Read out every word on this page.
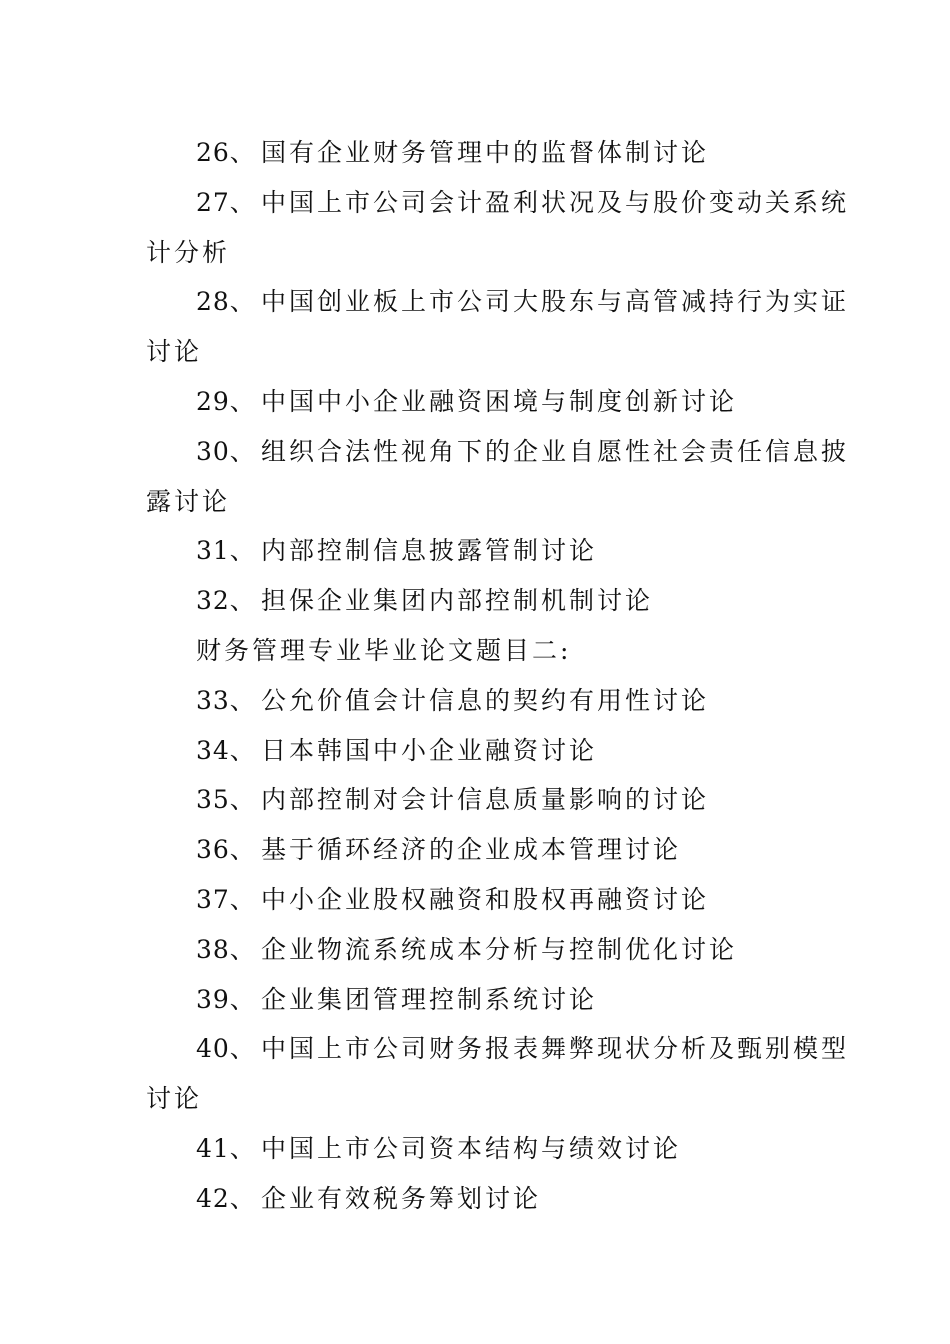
26、 国有企业财务管理中的监督体制讨论
27、 中国上市公司会计盈利状况及与股价变动关系统
计分析
28、 中国创业板上市公司大股东与高管减持行为实证
讨论
29、 中国中小企业融资困境与制度创新讨论
30、 组织合法性视角下的企业自愿性社会责任信息披
露讨论
31、 内部控制信息披露管制讨论
32、 担保企业集团内部控制机制讨论
财务管理专业毕业论文题目二:
33、 公允价值会计信息的契约有用性讨论
34、 日本韩国中小企业融资讨论
35、 内部控制对会计信息质量影响的讨论
36、 基于循环经济的企业成本管理讨论
37、 中小企业股权融资和股权再融资讨论
38、 企业物流系统成本分析与控制优化讨论
39、 企业集团管理控制系统讨论
40、 中国上市公司财务报表舞弊现状分析及甄别模型
讨论
41、 中国上市公司资本结构与绩效讨论
42、 企业有效税务筹划讨论
